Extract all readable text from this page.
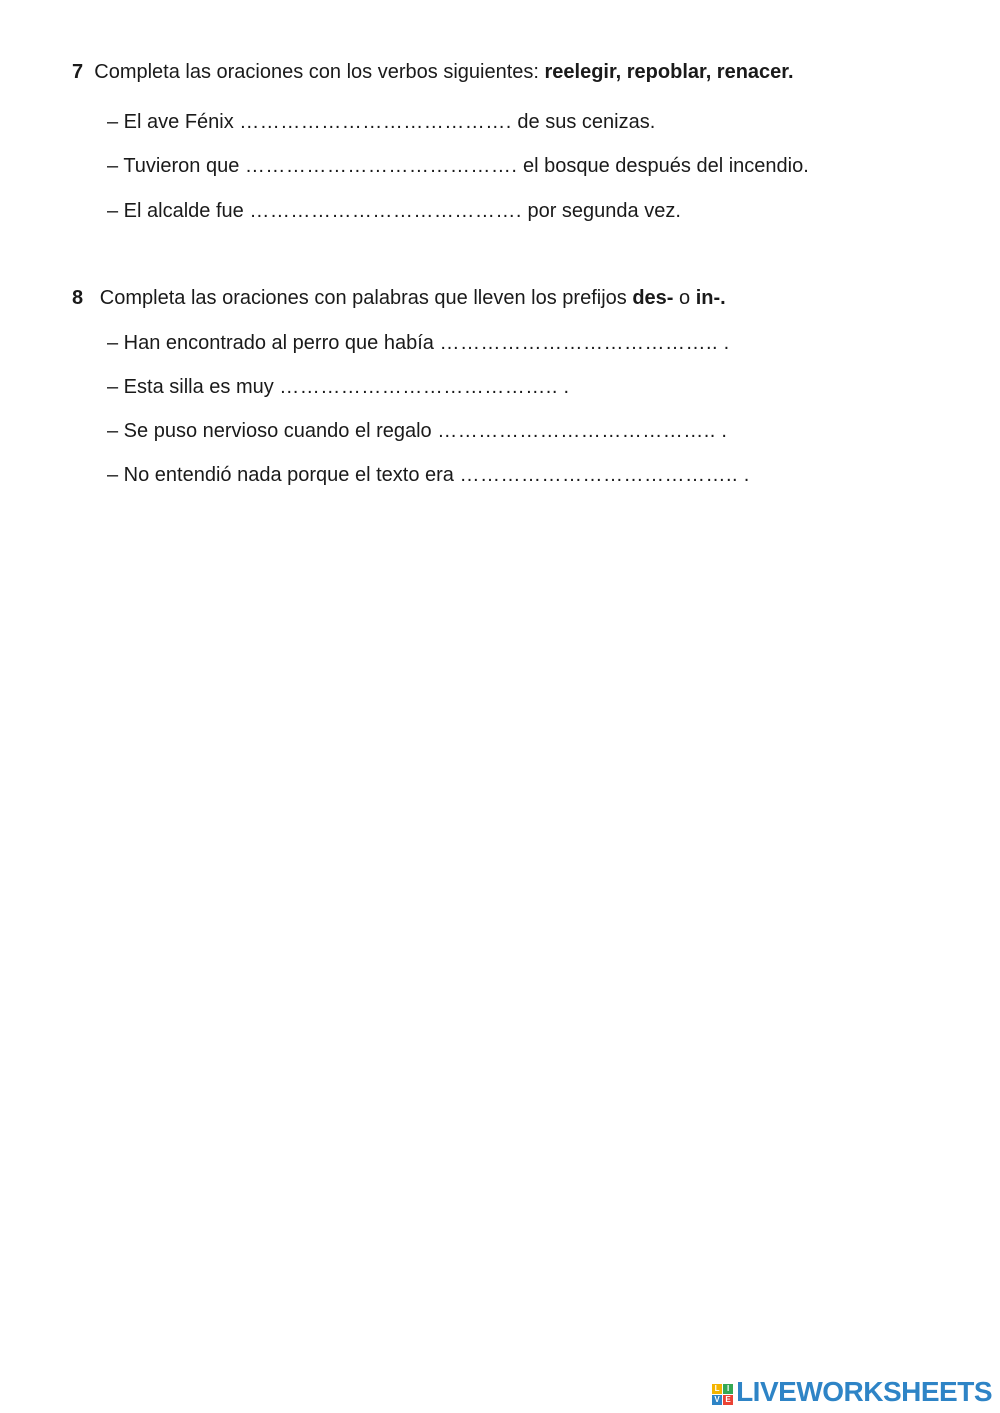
7 Completa las oraciones con los verbos siguientes: reelegir, repoblar, renacer.
– El ave Fénix …………………………………. de sus cenizas.
– Tuvieron que …………………………………. el bosque después del incendio.
– El alcalde fue …………………………………. por segunda vez.
8 Completa las oraciones con palabras que lleven los prefijos des- o in-.
– Han encontrado al perro que había ………………………………….. .
– Esta silla es muy ………………………………….. .
– Se puso nervioso cuando el regalo ………………………………….. .
– No entendió nada porque el texto era ………………………………….. .
L I
V E LIVEWORKSHEETS
